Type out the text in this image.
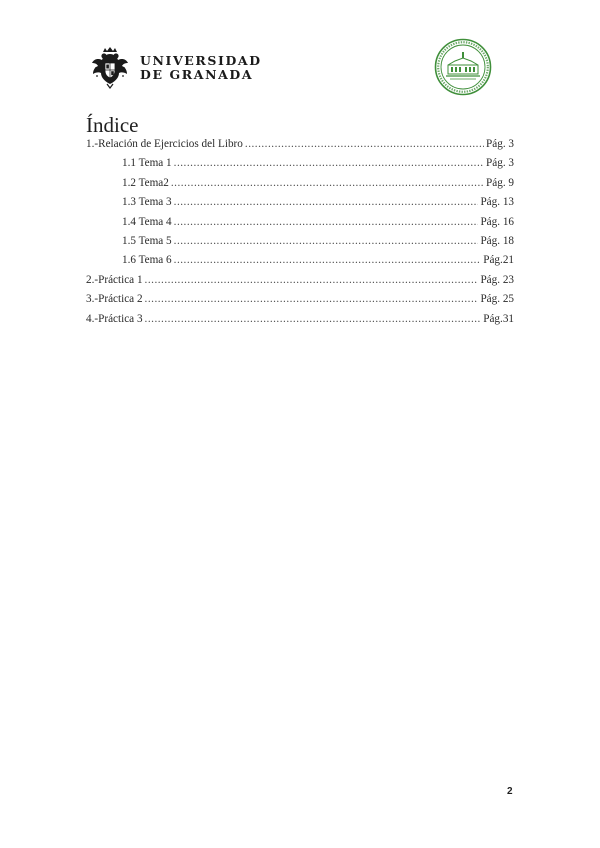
UNIVERSIDAD
DE GRANADA
Índice
1.-Relación de Ejercicios del Libro .....	Pág. 3
1.1 Tema 1 .....	Pág. 3
1.2 Tema2 .....	Pág. 9
1.3 Tema 3 .....	Pág. 13
1.4 Tema 4 .....	Pág. 16
1.5 Tema 5 .....	Pág. 18
1.6 Tema 6 .....	Pág.21
2.-Práctica 1 .....	Pág. 23
3.-Práctica 2 .....	Pág. 25
4.-Práctica 3 .....	Pág.31
2
